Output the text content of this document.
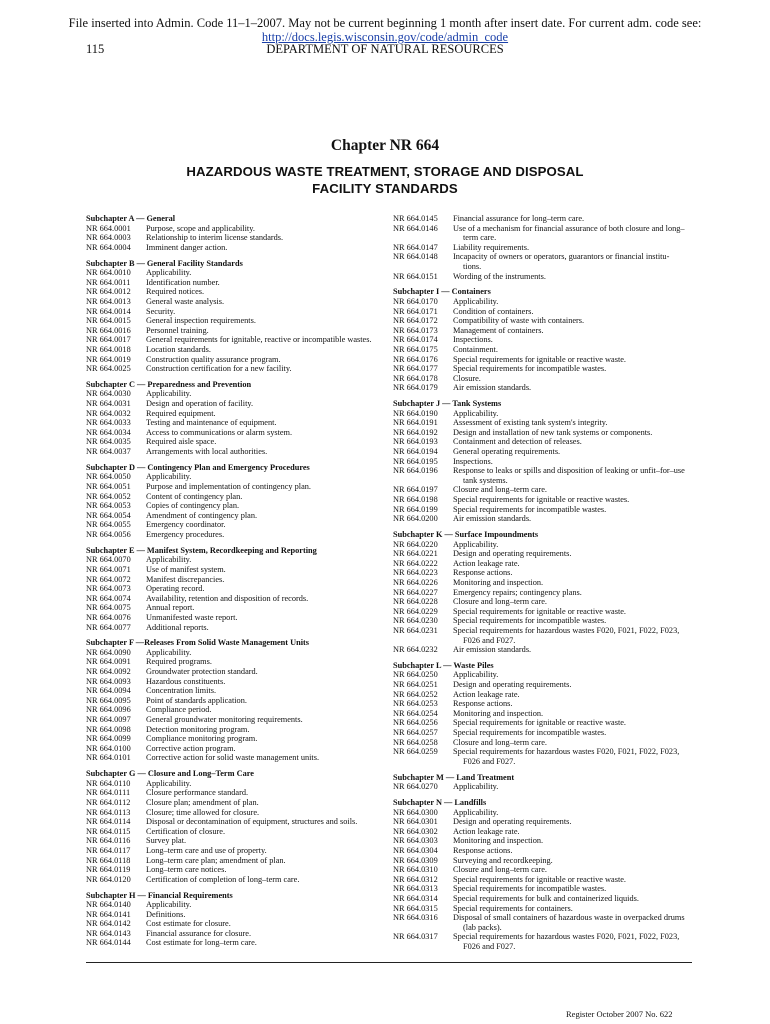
File inserted into Admin. Code 11–1–2007. May not be current beginning 1 month after insert date. For current adm. code see:
http://docs.legis.wisconsin.gov/code/admin_code
115	DEPARTMENT OF NATURAL RESOURCES
Chapter NR 664
HAZARDOUS WASTE TREATMENT, STORAGE AND DISPOSAL FACILITY STANDARDS
Subchapter A — General
NR 664.0001	Purpose, scope and applicability.
NR 664.0003	Relationship to interim license standards.
NR 664.0004	Imminent danger action.
Subchapter B — General Facility Standards
NR 664.0010	Applicability.
NR 664.0011	Identification number.
NR 664.0012	Required notices.
NR 664.0013	General waste analysis.
NR 664.0014	Security.
NR 664.0015	General inspection requirements.
NR 664.0016	Personnel training.
NR 664.0017	General requirements for ignitable, reactive or incompatible wastes.
NR 664.0018	Location standards.
NR 664.0019	Construction quality assurance program.
NR 664.0025	Construction certification for a new facility.
Subchapter C — Preparedness and Prevention
NR 664.0030	Applicability.
NR 664.0031	Design and operation of facility.
NR 664.0032	Required equipment.
NR 664.0033	Testing and maintenance of equipment.
NR 664.0034	Access to communications or alarm system.
NR 664.0035	Required aisle space.
NR 664.0037	Arrangements with local authorities.
Subchapter D — Contingency Plan and Emergency Procedures
NR 664.0050	Applicability.
NR 664.0051	Purpose and implementation of contingency plan.
NR 664.0052	Content of contingency plan.
NR 664.0053	Copies of contingency plan.
NR 664.0054	Amendment of contingency plan.
NR 664.0055	Emergency coordinator.
NR 664.0056	Emergency procedures.
Subchapter E — Manifest System, Recordkeeping and Reporting
NR 664.0070	Applicability.
NR 664.0071	Use of manifest system.
NR 664.0072	Manifest discrepancies.
NR 664.0073	Operating record.
NR 664.0074	Availability, retention and disposition of records.
NR 664.0075	Annual report.
NR 664.0076	Unmanifested waste report.
NR 664.0077	Additional reports.
Subchapter F —Releases From Solid Waste Management Units
NR 664.0090	Applicability.
NR 664.0091	Required programs.
NR 664.0092	Groundwater protection standard.
NR 664.0093	Hazardous constituents.
NR 664.0094	Concentration limits.
NR 664.0095	Point of standards application.
NR 664.0096	Compliance period.
NR 664.0097	General groundwater monitoring requirements.
NR 664.0098	Detection monitoring program.
NR 664.0099	Compliance monitoring program.
NR 664.0100	Corrective action program.
NR 664.0101	Corrective action for solid waste management units.
Subchapter G — Closure and Long–Term Care
NR 664.0110	Applicability.
NR 664.0111	Closure performance standard.
NR 664.0112	Closure plan; amendment of plan.
NR 664.0113	Closure; time allowed for closure.
NR 664.0114	Disposal or decontamination of equipment, structures and soils.
NR 664.0115	Certification of closure.
NR 664.0116	Survey plat.
NR 664.0117	Long–term care and use of property.
NR 664.0118	Long–term care plan; amendment of plan.
NR 664.0119	Long–term care notices.
NR 664.0120	Certification of completion of long–term care.
Subchapter H — Financial Requirements
NR 664.0140	Applicability.
NR 664.0141	Definitions.
NR 664.0142	Cost estimate for closure.
NR 664.0143	Financial assurance for closure.
NR 664.0144	Cost estimate for long–term care.
NR 664.0145	Financial assurance for long–term care.
NR 664.0146	Use of a mechanism for financial assurance of both closure and long–
term care.
NR 664.0147	Liability requirements.
NR 664.0148	Incapacity of owners or operators, guarantors or financial institu-
tions.
NR 664.0151	Wording of the instruments.
Subchapter I — Containers
NR 664.0170	Applicability.
NR 664.0171	Condition of containers.
NR 664.0172	Compatibility of waste with containers.
NR 664.0173	Management of containers.
NR 664.0174	Inspections.
NR 664.0175	Containment.
NR 664.0176	Special requirements for ignitable or reactive waste.
NR 664.0177	Special requirements for incompatible wastes.
NR 664.0178	Closure.
NR 664.0179	Air emission standards.
Subchapter J — Tank Systems
NR 664.0190	Applicability.
NR 664.0191	Assessment of existing tank system's integrity.
NR 664.0192	Design and installation of new tank systems or components.
NR 664.0193	Containment and detection of releases.
NR 664.0194	General operating requirements.
NR 664.0195	Inspections.
NR 664.0196	Response to leaks or spills and disposition of leaking or unfit–for–use
tank systems.
NR 664.0197	Closure and long–term care.
NR 664.0198	Special requirements for ignitable or reactive wastes.
NR 664.0199	Special requirements for incompatible wastes.
NR 664.0200	Air emission standards.
Subchapter K — Surface Impoundments
NR 664.0220	Applicability.
NR 664.0221	Design and operating requirements.
NR 664.0222	Action leakage rate.
NR 664.0223	Response actions.
NR 664.0226	Monitoring and inspection.
NR 664.0227	Emergency repairs; contingency plans.
NR 664.0228	Closure and long–term care.
NR 664.0229	Special requirements for ignitable or reactive waste.
NR 664.0230	Special requirements for incompatible wastes.
NR 664.0231	Special requirements for hazardous wastes F020, F021, F022, F023,
F026 and F027.
NR 664.0232	Air emission standards.
Subchapter L — Waste Piles
NR 664.0250	Applicability.
NR 664.0251	Design and operating requirements.
NR 664.0252	Action leakage rate.
NR 664.0253	Response actions.
NR 664.0254	Monitoring and inspection.
NR 664.0256	Special requirements for ignitable or reactive waste.
NR 664.0257	Special requirements for incompatible wastes.
NR 664.0258	Closure and long–term care.
NR 664.0259	Special requirements for hazardous wastes F020, F021, F022, F023,
F026 and F027.
Subchapter M — Land Treatment
NR 664.0270	Applicability.
Subchapter N — Landfills
NR 664.0300	Applicability.
NR 664.0301	Design and operating requirements.
NR 664.0302	Action leakage rate.
NR 664.0303	Monitoring and inspection.
NR 664.0304	Response actions.
NR 664.0309	Surveying and recordkeeping.
NR 664.0310	Closure and long–term care.
NR 664.0312	Special requirements for ignitable or reactive waste.
NR 664.0313	Special requirements for incompatible wastes.
NR 664.0314	Special requirements for bulk and containerized liquids.
NR 664.0315	Special requirements for containers.
NR 664.0316	Disposal of small containers of hazardous waste in overpacked drums
(lab packs).
NR 664.0317	Special requirements for hazardous wastes F020, F021, F022, F023,
F026 and F027.
Register October 2007 No. 622
